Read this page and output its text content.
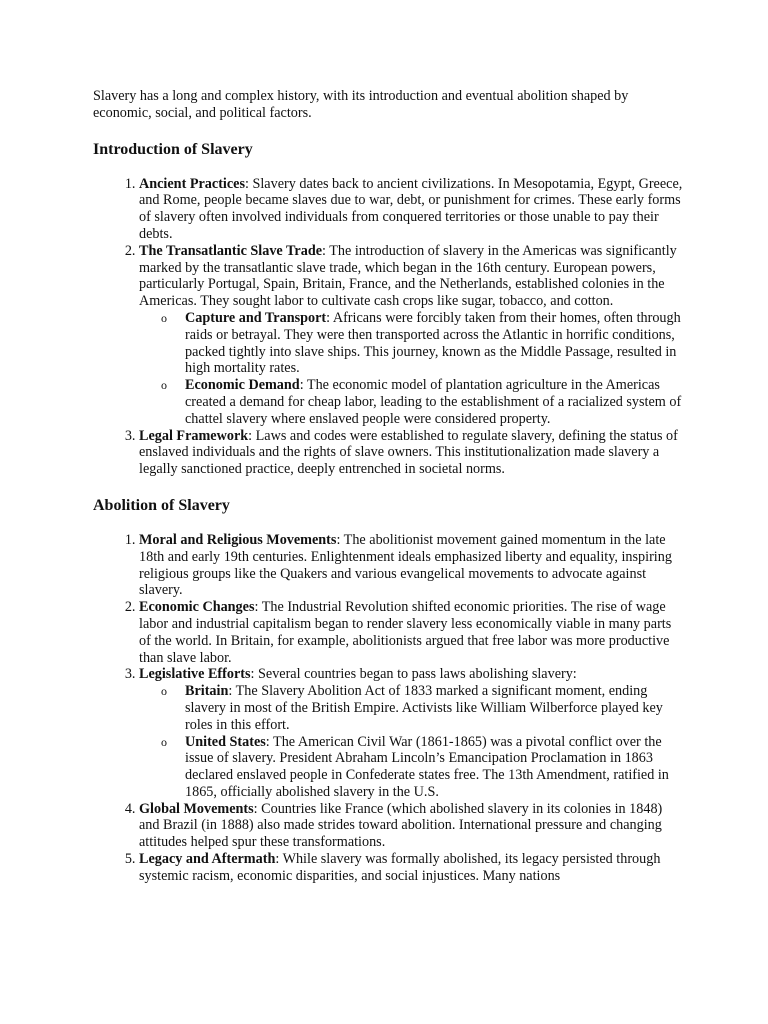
Slavery has a long and complex history, with its introduction and eventual abolition shaped by economic, social, and political factors.

Introduction of Slavery
1. Ancient Practices: Slavery dates back to ancient civilizations. In Mesopotamia, Egypt, Greece, and Rome, people became slaves due to war, debt, or punishment for crimes. These early forms of slavery often involved individuals from conquered territories or those unable to pay their debts.
2. The Transatlantic Slave Trade: The introduction of slavery in the Americas was significantly marked by the transatlantic slave trade, which began in the 16th century. European powers, particularly Portugal, Spain, Britain, France, and the Netherlands, established colonies in the Americas. They sought labor to cultivate cash crops like sugar, tobacco, and cotton.
o Capture and Transport: Africans were forcibly taken from their homes, often through raids or betrayal. They were then transported across the Atlantic in horrific conditions, packed tightly into slave ships. This journey, known as the Middle Passage, resulted in high mortality rates.
o Economic Demand: The economic model of plantation agriculture in the Americas created a demand for cheap labor, leading to the establishment of a racialized system of chattel slavery where enslaved people were considered property.
3. Legal Framework: Laws and codes were established to regulate slavery, defining the status of enslaved individuals and the rights of slave owners. This institutionalization made slavery a legally sanctioned practice, deeply entrenched in societal norms.
Abolition of Slavery
1. Moral and Religious Movements: The abolitionist movement gained momentum in the late 18th and early 19th centuries. Enlightenment ideals emphasized liberty and equality, inspiring religious groups like the Quakers and various evangelical movements to advocate against slavery.
2. Economic Changes: The Industrial Revolution shifted economic priorities. The rise of wage labor and industrial capitalism began to render slavery less economically viable in many parts of the world. In Britain, for example, abolitionists argued that free labor was more productive than slave labor.
3. Legislative Efforts: Several countries began to pass laws abolishing slavery:
o Britain: The Slavery Abolition Act of 1833 marked a significant moment, ending slavery in most of the British Empire. Activists like William Wilberforce played key roles in this effort.
o United States: The American Civil War (1861-1865) was a pivotal conflict over the issue of slavery. President Abraham Lincoln’s Emancipation Proclamation in 1863 declared enslaved people in Confederate states free. The 13th Amendment, ratified in 1865, officially abolished slavery in the U.S.
4. Global Movements: Countries like France (which abolished slavery in its colonies in 1848) and Brazil (in 1888) also made strides toward abolition. International pressure and changing attitudes helped spur these transformations.
5. Legacy and Aftermath: While slavery was formally abolished, its legacy persisted through systemic racism, economic disparities, and social injustices. Many nations
